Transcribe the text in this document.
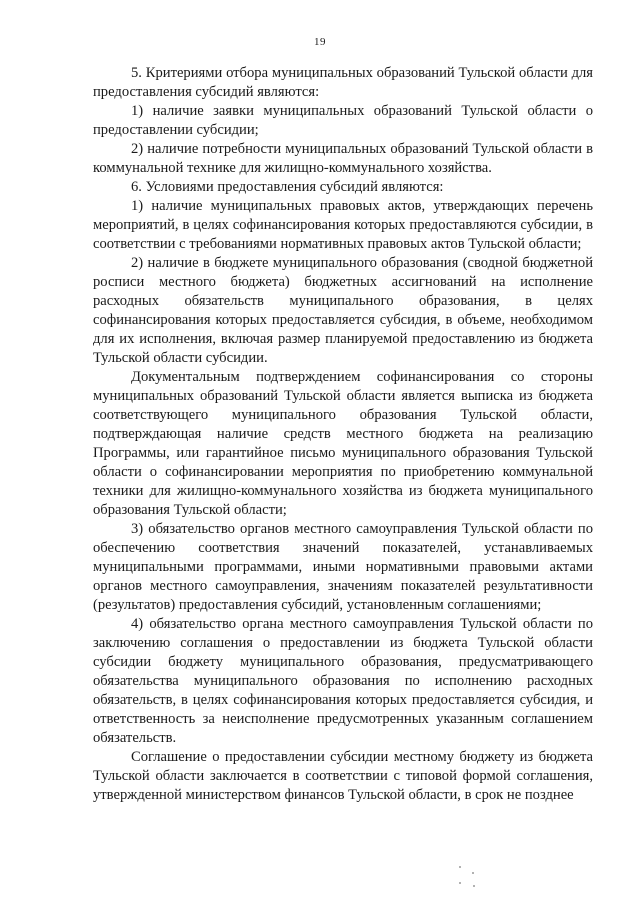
19

5. Критериями отбора муниципальных образований Тульской области для предоставления субсидий являются:

1) наличие заявки муниципальных образований Тульской области о предоставлении субсидии;

2) наличие потребности муниципальных образований Тульской области в коммунальной технике для жилищно-коммунального хозяйства.

6. Условиями предоставления субсидий являются:

1) наличие муниципальных правовых актов, утверждающих перечень мероприятий, в целях софинансирования которых предоставляются субсидии, в соответствии с требованиями нормативных правовых актов Тульской области;

2) наличие в бюджете муниципального образования (сводной бюджетной росписи местного бюджета) бюджетных ассигнований на исполнение расходных обязательств муниципального образования, в целях софинансирования которых предоставляется субсидия, в объеме, необходимом для их исполнения, включая размер планируемой предоставлению из бюджета Тульской области субсидии.

Документальным подтверждением софинансирования со стороны муниципальных образований Тульской области является выписка из бюджета соответствующего муниципального образования Тульской области, подтверждающая наличие средств местного бюджета на реализацию Программы, или гарантийное письмо муниципального образования Тульской области о софинансировании мероприятия по приобретению коммунальной техники для жилищно-коммунального хозяйства из бюджета муниципального образования Тульской области;

3) обязательство органов местного самоуправления Тульской области по обеспечению соответствия значений показателей, устанавливаемых муниципальными программами, иными нормативными правовыми актами органов местного самоуправления, значениям показателей результативности (результатов) предоставления субсидий, установленным соглашениями;

4) обязательство органа местного самоуправления Тульской области по заключению соглашения о предоставлении из бюджета Тульской области субсидии бюджету муниципального образования, предусматривающего обязательства муниципального образования по исполнению расходных обязательств, в целях софинансирования которых предоставляется субсидия, и ответственность за неисполнение предусмотренных указанным соглашением обязательств.

Соглашение о предоставлении субсидии местному бюджету из бюджета Тульской области заключается в соответствии с типовой формой соглашения, утвержденной министерством финансов Тульской области, в срок не позднее
